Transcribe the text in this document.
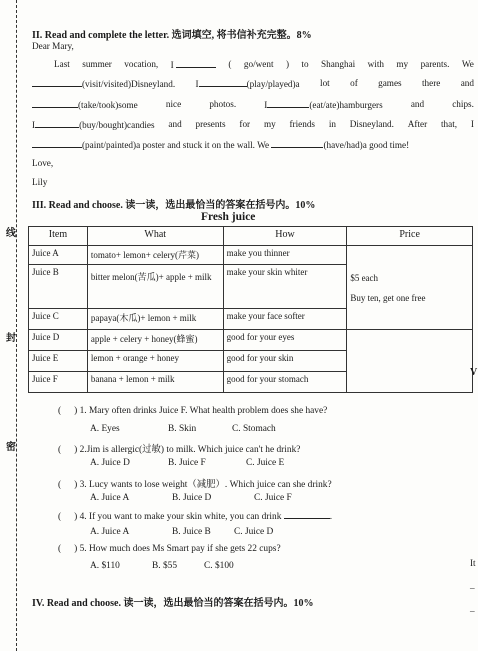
线
封
密
II. Read and complete the letter. 选词填空, 将书信补充完整。8%
Dear Mary,
Last summer vocation, I	( go/went ) to Shanghai with my parents. We
(visit/visited)Disneyland. I	(play/played)a lot of games there and
(take/took)some	nice	photos.	I	(eat/ate)hamburgers	and	chips.
I	(buy/bought)candies and presents for my friends in Disneyland. After that, I
(paint/painted)a poster and stuck it on the wall. We	(have/had)a good time!
Love,
Lily
III. Read and choose. 读一读，选出最恰当的答案在括号内。10%
Fresh juice
Item	What	How	Price
Juice A	tomato+ lemon+ celery(芹菜)	make you thinner	$5 each
Buy ten, get one free

Juice B	bitter melon(苦瓜)+ apple + milk	make your skin whiter	
Juice C	papaya(木瓜)+ lemon + milk	make your face softer	
Juice D	apple + celery + honey(蜂蜜)	good for your eyes	
Juice E	lemon + orange + honey	good for your skin	
Juice F	banana + lemon + milk	good for your stomach	
( ) 1. Mary often drinks Juice F. What health problem does she have?
A. Eyes	B. Skin	C. Stomach
( ) 2.Jim is allergic(过敏) to milk. Which juice can't he drink?
A. Juice D	B. Juice F	C. Juice E
( ) 3. Lucy wants to lose weight（减肥）. Which juice can she drink?
A. Juice A	B. Juice D	C. Juice F
( ) 4. If you want to make your skin white, you can drink	.
A. Juice A	B. Juice B C. Juice D
( ) 5. How much does Ms Smart pay if she gets 22 cups?
A. $110	B. $55	C. $100
IV. Read and choose. 读一读，选出最恰当的答案在括号内。10%
V
It
_
_
